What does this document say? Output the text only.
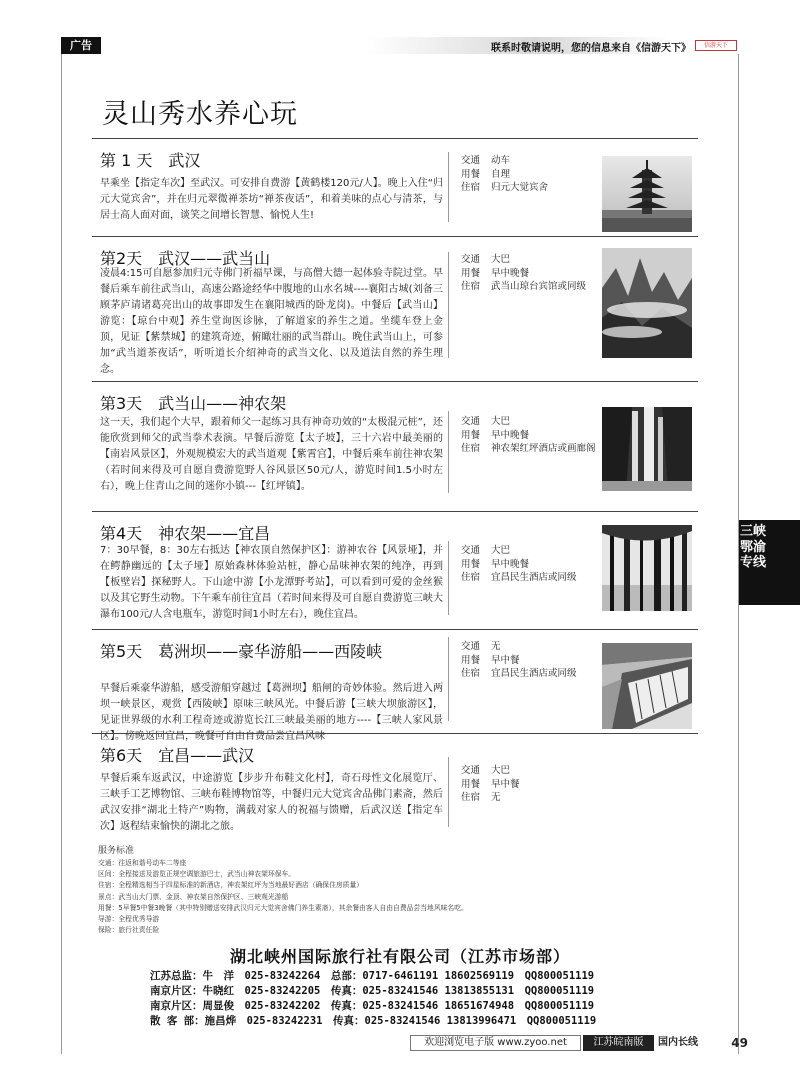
广告	联系时敬请说明，您的信息来自《信游天下》	信游天下
灵山秀水养心玩
三峡鄂渝专线
第 1 天　武汉
早乘坐【指定车次】至武汉。可安排自费游【黄鹤楼120元/人】。晚上入住“归元大觉宾舍”，并在归元翠微禅茶坊“禅茶夜话”，和着美味的点心与清茶，与居士高人面对面，谈笑之间增长智慧、愉悦人生!
交通 动车
用餐 自理
住宿 归元大觉宾舍
第2天　武汉——武当山
凌晨4:15可自愿参加归元寺佛门祈福早课，与高僧大德一起体验寺院过堂。早餐后乘车前往武当山，高速公路途经华中腹地的山水名城----襄阳古城(刘备三顾茅庐请诸葛亮出山的故事即发生在襄阳城西的卧龙岗)。中餐后【武当山】游览：【琼台中观】养生堂询医诊脉，了解道家的养生之道。坐缆车登上金顶，见证【紫禁城】的建筑奇迹，俯瞰壮丽的武当群山。晚住武当山上，可参加“武当道茶夜话”，听听道长介绍神奇的武当文化、以及道法自然的养生理念。
交通 大巴
用餐 早中晚餐
住宿 武当山琼台宾馆或同级
第3天　武当山——神农架
这一天，我们起个大早，跟着师父一起练习具有神奇功效的“太极混元桩”，还能欣赏到师父的武当拳术表演。早餐后游览【太子坡】，三十六岩中最美丽的【南岩风景区】，外观规模宏大的武当道观【紫霄宫】，中餐后乘车前往神农架（若时间来得及可自愿自费游览野人谷风景区50元/人，游览时间1.5小时左右），晚上住青山之间的迷你小镇---【红坪镇】。
交通 大巴
用餐 早中晚餐
住宿 神农架红坪酒店或画廊阁
第4天　神农架——宜昌
7：30早餐，8：30左右抵达【神农顶自然保护区】：游神农谷【风景垭】，并在鳄静幽远的【太子垭】原始森林体验站桩，静心品味神农架的纯净，再到【板壁岩】探秘野人。下山途中游【小龙潭野考站】，可以看到可爱的金丝猴以及其它野生动物。下午乘车前往宜昌（若时间来得及可自愿自费游览三峡大瀑布100元/人含电瓶车，游览时间1小时左右），晚住宜昌。
交通 大巴
用餐 早中晚餐
住宿 宜昌民生酒店或同级
第5天　葛洲坝——豪华游船——西陵峡
早餐后乘豪华游船，感受游船穿越过【葛洲坝】船闸的奇妙体验。然后进入两坝一峡景区，观赏【西陵峡】原味三峡风光。中餐后游【三峡大坝旅游区】，见证世界级的水利工程奇迹或游览长江三峡最美丽的地方----【三峡人家风景区】。傍晚返回宜昌，晚餐可自由自费品尝宜昌风味
交通 无
用餐 早中餐
住宿 宜昌民生酒店或同级
第6天　宜昌——武汉
早餐后乘车返武汉，中途游览【步步升布鞋文化村】，奇石母性文化展览厅、三峡手工艺博物馆、三峡布鞋博物馆等，中餐归元大觉宾舍品佛门素斋，然后武汉安排“湖北土特产”购物，满载对家人的祝福与馈赠，后武汉送【指定车次】返程结束愉快的湖北之旅。
交通 大巴
用餐 早中餐
住宿 无
服务标准
交通：往返和谐号动车二等座
区间：全程接送及游览正规空调旅游巴士，武当山神农架环保车。
住宿：全程精选相当于四星标准的新酒店，神农架红坪为当地最好酒店（确保住房质量）
景点：武当山大门票、金顶、神农架自然保护区、三峡观光游船
用餐：5早餐5中餐3晚餐（其中特别赠送安排武汉归元大觉宾舍佛门养生素斋），其余餐由客人自由自费品尝当地风味名吃。
导游：全程优秀导游
保险：旅行社责任险
湖北峡州国际旅行社有限公司（江苏市场部）
江苏总监：牛　洋　025-83242264　总部：0717-6461191 18602569119　QQ800051119
南京片区：牛晓红　025-83242205　传真：025-83241546 13813855131　QQ800051119
南京片区：周显俊　025-83242202　传真：025-83241546 18651674948　QQ800051119
散 客 部：施昌烨　025-83242231　传真：025-83241546 13813996471　QQ800051119
欢迎浏览电子版 www.zyoo.net	江苏皖南版	国内长线	49
